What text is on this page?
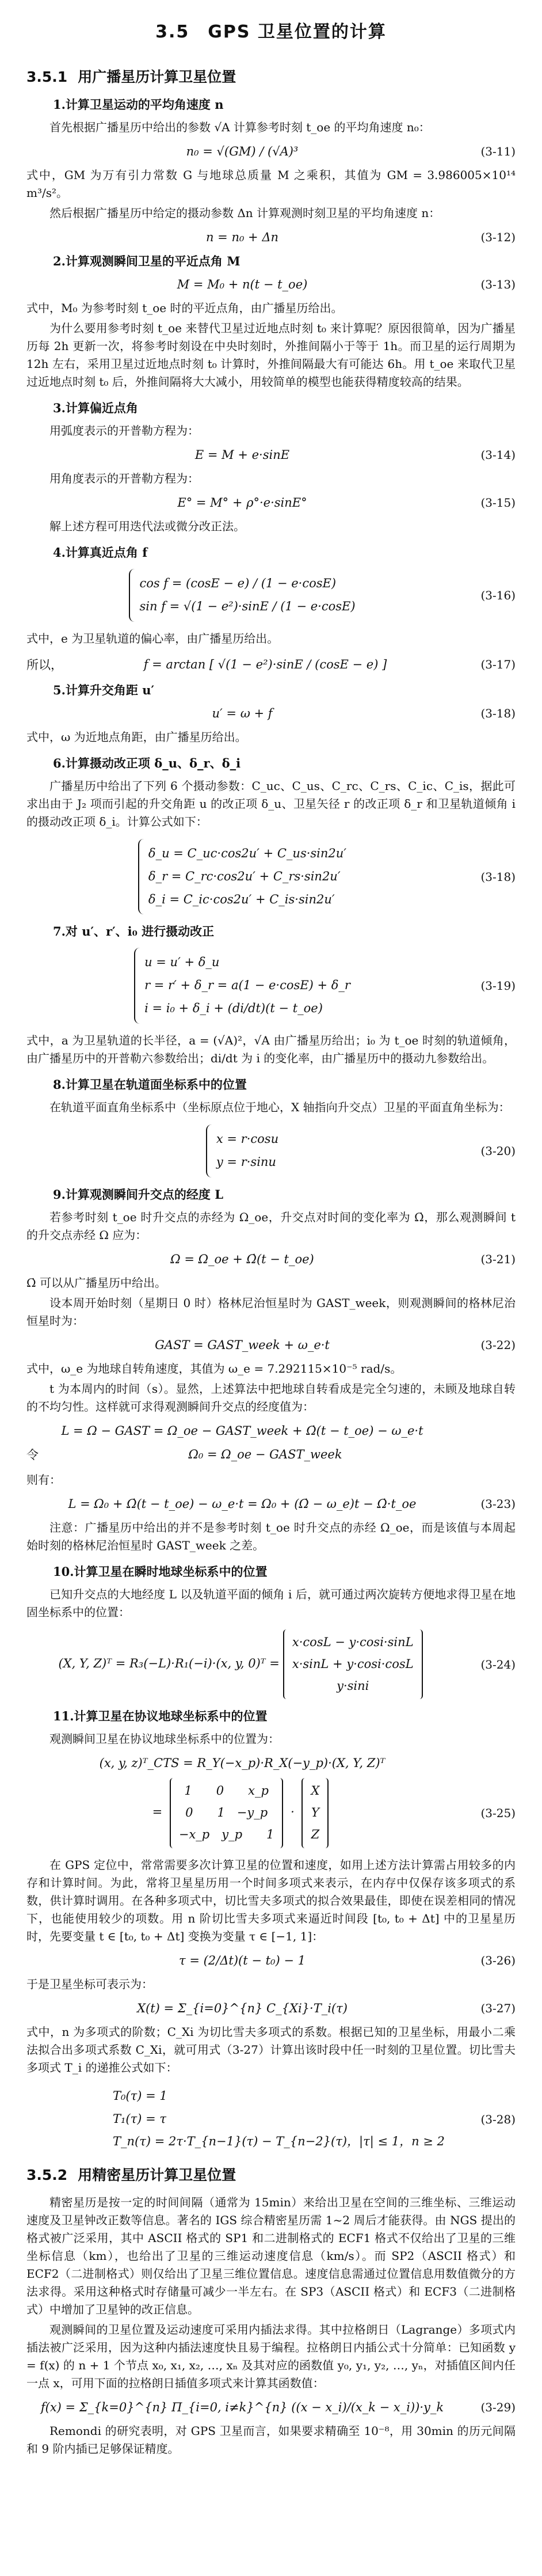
3.5　GPS 卫星位置的计算
3.5.1 用广播星历计算卫星位置
1.计算卫星运动的平均角速度 n

首先根据广播星历中给出的参数 √A 计算参考时刻 t_oe 的平均角速度 n₀：

n₀ = √(GM) / (√A)³	(3-11)

式中，GM 为万有引力常数 G 与地球总质量 M 之乘积，其值为 GM = 3.986005×10¹⁴ m³/s²。

然后根据广播星历中给定的摄动参数 Δn 计算观测时刻卫星的平均角速度 n：

n = n₀ + Δn	(3-12)
2.计算观测瞬间卫星的平近点角 M
M = M₀ + n(t − t_oe)	(3-13)

式中，M₀ 为参考时刻 t_oe 时的平近点角，由广播星历给出。

为什么要用参考时刻 t_oe 来替代卫星过近地点时刻 t₀ 来计算呢？原因很简单，因为广播星历每 2h 更新一次，将参考时刻设在中央时刻时，外推间隔小于等于 1h。而卫星的运行周期为 12h 左右，采用卫星过近地点时刻 t₀ 计算时，外推间隔最大有可能达 6h。用 t_oe 来取代卫星过近地点时刻 t₀ 后，外推间隔将大大减小，用较简单的模型也能获得精度较高的结果。

3.计算偏近点角

用弧度表示的开普勒方程为：

E = M + e·sinE	(3-14)

用角度表示的开普勒方程为：

E° = M° + ρ°·e·sinE°	(3-15)

解上述方程可用迭代法或微分改正法。

4.计算真近点角 f
cos f = (cosE − e) / (1 − e·cosE)
sin f = √(1 − e²)·sinE / (1 − e·cosE)
(3-16)

式中，e 为卫星轨道的偏心率，由广播星历给出。

所以，	f = arctan [ √(1 − e²)·sinE / (cosE − e) ]	(3-17)
5.计算升交角距 u′
u′ = ω + f	(3-18)

式中，ω 为近地点角距，由广播星历给出。

6.计算摄动改正项 δ_u、δ_r、δ_i

广播星历中给出了下列 6 个摄动参数：C_uc、C_us、C_rc、C_rs、C_ic、C_is，据此可求出由于 J₂ 项而引起的升交角距 u 的改正项 δ_u、卫星矢径 r 的改正项 δ_r 和卫星轨道倾角 i 的摄动改正项 δ_i。计算公式如下：

δ_u = C_uc·cos2u′ + C_us·sin2u′
δ_r = C_rc·cos2u′ + C_rs·sin2u′
δ_i = C_ic·cos2u′ + C_is·sin2u′
(3-18)
7.对 u′、r′、i₀ 进行摄动改正
u = u′ + δ_u
r = r′ + δ_r = a(1 − e·cosE) + δ_r
i = i₀ + δ_i + (di/dt)(t − t_oe)
(3-19)

式中，a 为卫星轨道的长半径，a = (√A)²，√A 由广播星历给出；i₀ 为 t_oe 时刻的轨道倾角，由广播星历中的开普勒六参数给出；di/dt 为 i 的变化率，由广播星历中的摄动九参数给出。

8.计算卫星在轨道面坐标系中的位置

在轨道平面直角坐标系中（坐标原点位于地心，X 轴指向升交点）卫星的平面直角坐标为：

x = r·cosu
y = r·sinu
(3-20)
9.计算观测瞬间升交点的经度 L

若参考时刻 t_oe 时升交点的赤经为 Ω_oe，升交点对时间的变化率为 Ω̇，那么观测瞬间 t 的升交点赤经 Ω 应为：

Ω = Ω_oe + Ω̇(t − t_oe)	(3-21)

Ω̇ 可以从广播星历中给出。

设本周开始时刻（星期日 0 时）格林尼治恒星时为 GAST_week，则观测瞬间的格林尼治恒星时为：

GAST = GAST_week + ω_e·t	(3-22)

式中，ω_e 为地球自转角速度，其值为 ω_e = 7.292115×10⁻⁵ rad/s。

t 为本周内的时间（s）。显然，上述算法中把地球自转看成是完全匀速的，未顾及地球自转的不均匀性。这样就可求得观测瞬间升交点的经度值为：

L = Ω − GAST = Ω_oe − GAST_week + Ω̇(t − t_oe) − ω_e·t
令	Ω₀ = Ω_oe − GAST_week

则有：

L = Ω₀ + Ω̇(t − t_oe) − ω_e·t = Ω₀ + (Ω̇ − ω_e)t − Ω̇·t_oe	(3-23)

注意：广播星历中给出的并不是参考时刻 t_oe 时升交点的赤经 Ω_oe，而是该值与本周起始时刻的格林尼治恒星时 GAST_week 之差。

10.计算卫星在瞬时地球坐标系中的位置

已知升交点的大地经度 L 以及轨道平面的倾角 i 后，就可通过两次旋转方便地求得卫星在地固坐标系中的位置：

(X, Y, Z)ᵀ = R₃(−L)·R₁(−i)·(x, y, 0)ᵀ =x·cosL − y·cosi·sinL
x·sinL + y·cosi·cosL
y·sini
(3-24)
11.计算卫星在协议地球坐标系中的位置

观测瞬间卫星在协议地球坐标系中的位置为：

(x, y, z)ᵀ_CTS = R_Y(−x_p)·R_X(−y_p)·(X, Y, Z)ᵀ
= 1　　0　　x_p
0　　1　−y_p
−x_p　y_p　　1 · X
Y
Z
(3-25)

在 GPS 定位中，常常需要多次计算卫星的位置和速度，如用上述方法计算需占用较多的内存和计算时间。为此，常将卫星星历用一个时间多项式来表示，在内存中仅保存该多项式的系数，供计算时调用。在各种多项式中，切比雪夫多项式的拟合效果最佳，即使在误差相同的情况下，也能使用较少的项数。用 n 阶切比雪夫多项式来逼近时间段 [t₀, t₀ + Δt] 中的卫星星历时，先要变量 t ∈ [t₀, t₀ + Δt] 变换为变量 τ ∈ [−1, 1]：

τ = (2/Δt)(t − t₀) − 1	(3-26)

于是卫星坐标可表示为：

X(t) = Σ_{i=0}^{n} C_{Xi}·T_i(τ)	(3-27)

式中，n 为多项式的阶数；C_Xi 为切比雪夫多项式的系数。根据已知的卫星坐标，用最小二乘法拟合出多项式系数 C_Xi，就可用式（3-27）计算出该时段中任一时刻的卫星位置。切比雪夫多项式 T_i 的递推公式如下：

T₀(τ) = 1
T₁(τ) = τ
T_n(τ) = 2τ·T_{n−1}(τ) − T_{n−2}(τ)，|τ| ≤ 1，n ≥ 2
(3-28)
3.5.2 用精密星历计算卫星位置

精密星历是按一定的时间间隔（通常为 15min）来给出卫星在空间的三维坐标、三维运动速度及卫星钟改正数等信息。著名的 IGS 综合精密星历需 1~2 周后才能获得。由 NGS 提出的格式被广泛采用，其中 ASCII 格式的 SP1 和二进制格式的 ECF1 格式不仅给出了卫星的三维坐标信息（km），也给出了卫星的三维运动速度信息（km/s）。而 SP2（ASCII 格式）和 ECF2（二进制格式）则仅给出了卫星三维位置信息。速度信息需通过位置信息用数值微分的方法求得。采用这种格式时存储量可减少一半左右。在 SP3（ASCII 格式）和 ECF3（二进制格式）中增加了卫星钟的改正信息。

观测瞬间的卫星位置及运动速度可采用内插法求得。其中拉格朗日（Lagrange）多项式内插法被广泛采用，因为这种内插法速度快且易于编程。拉格朗日内插公式十分简单：已知函数 y = f(x) 的 n + 1 个节点 x₀, x₁, x₂, …, xₙ 及其对应的函数值 y₀, y₁, y₂, …, yₙ，对插值区间内任一点 x，可用下面的拉格朗日插值多项式来计算其函数值：

f(x) = Σ_{k=0}^{n} Π_{i=0, i≠k}^{n} ((x − x_i)/(x_k − x_i))·y_k	(3-29)

Remondi 的研究表明，对 GPS 卫星而言，如果要求精确至 10⁻⁸，用 30min 的历元间隔和 9 阶内插已足够保证精度。
